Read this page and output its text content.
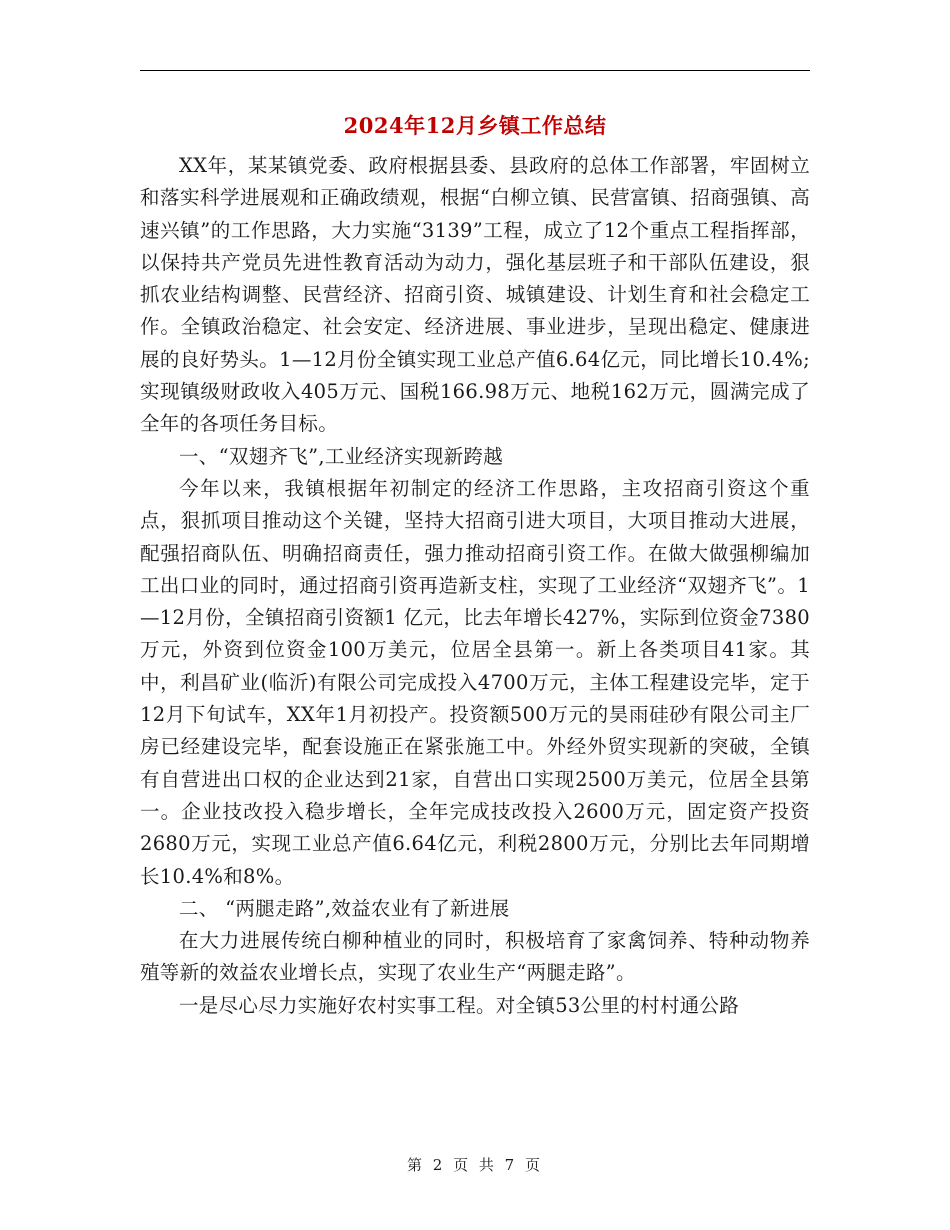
2024年12月乡镇工作总结

XX年，某某镇党委、政府根据县委、县政府的总体工作部署，牢固树立和落实科学进展观和正确政绩观，根据“白柳立镇、民营富镇、招商强镇、高速兴镇”的工作思路，大力实施“3139”工程，成立了12个重点工程指挥部，以保持共产党员先进性教育活动为动力，强化基层班子和干部队伍建设，狠抓农业结构调整、民营经济、招商引资、城镇建设、计划生育和社会稳定工作。全镇政治稳定、社会安定、经济进展、事业进步，呈现出稳定、健康进展的良好势头。1—12月份全镇实现工业总产值6.64亿元，同比增长10.4%;实现镇级财政收入405万元、国税166.98万元、地税162万元，圆满完成了全年的各项任务目标。

一、“双翅齐飞”,工业经济实现新跨越

今年以来，我镇根据年初制定的经济工作思路，主攻招商引资这个重点，狠抓项目推动这个关键，坚持大招商引进大项目，大项目推动大进展，配强招商队伍、明确招商责任，强力推动招商引资工作。在做大做强柳编加工出口业的同时，通过招商引资再造新支柱，实现了工业经济“双翅齐飞”。1—12月份，全镇招商引资额1 亿元，比去年增长427%，实际到位资金7380万元，外资到位资金100万美元，位居全县第一。新上各类项目41家。其中，利昌矿业(临沂)有限公司完成投入4700万元，主体工程建设完毕，定于12月下旬试车，XX年1月初投产。投资额500万元的昊雨硅砂有限公司主厂房已经建设完毕，配套设施正在紧张施工中。外经外贸实现新的突破，全镇有自营进出口权的企业达到21家，自营出口实现2500万美元，位居全县第一。企业技改投入稳步增长，全年完成技改投入2600万元，固定资产投资2680万元，实现工业总产值6.64亿元，利税2800万元，分别比去年同期增长10.4%和8%。

二、 “两腿走路”,效益农业有了新进展

在大力进展传统白柳种植业的同时，积极培育了家禽饲养、特种动物养殖等新的效益农业增长点，实现了农业生产“两腿走路”。

一是尽心尽力实施好农村实事工程。对全镇53公里的村村通公路

第 2 页 共 7 页
